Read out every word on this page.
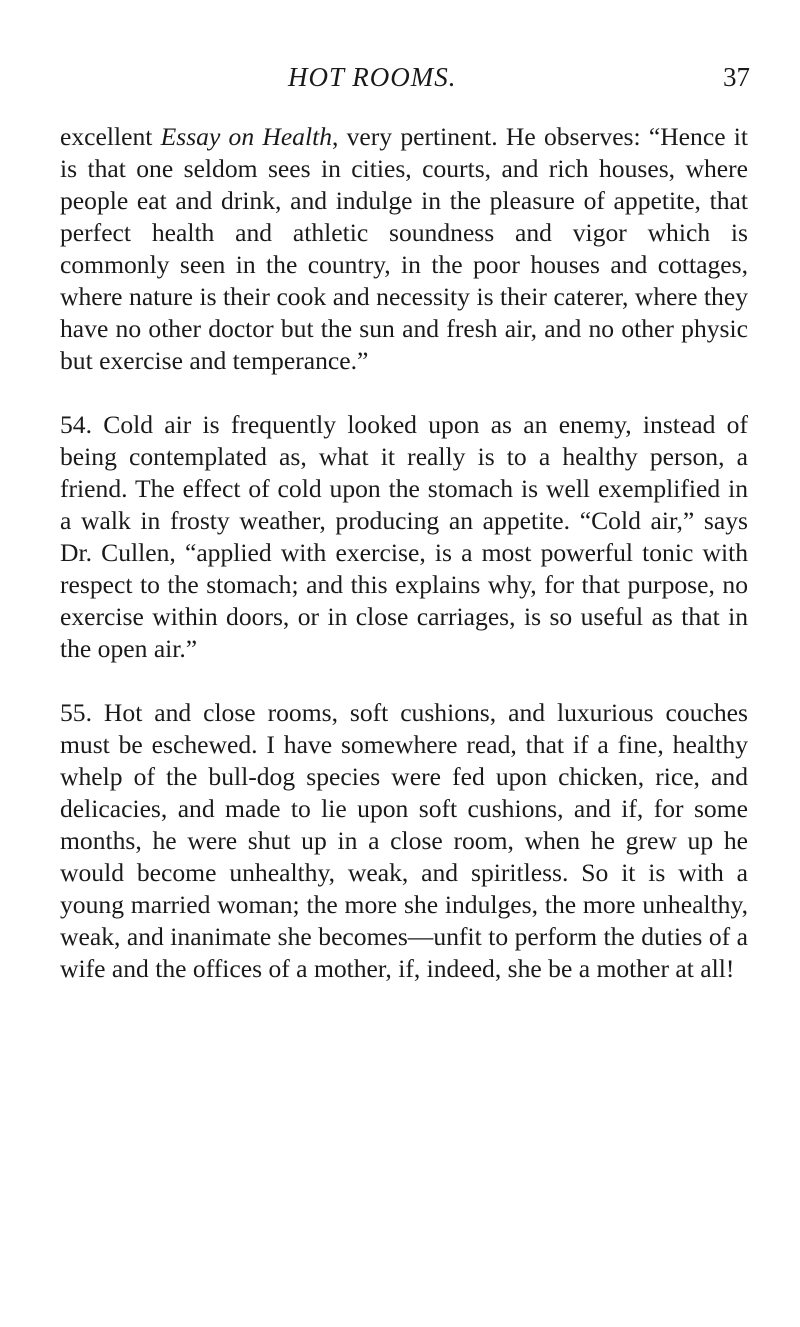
HOT ROOMS.	37

excellent Essay on Health, very pertinent. He observes: “Hence it is that one seldom sees in cities, courts, and rich houses, where people eat and drink, and indulge in the pleasure of appetite, that perfect health and athletic soundness and vigor which is commonly seen in the country, in the poor houses and cottages, where nature is their cook and necessity is their caterer, where they have no other doctor but the sun and fresh air, and no other physic but exercise and temperance.”

54. Cold air is frequently looked upon as an enemy, instead of being contemplated as, what it really is to a healthy person, a friend. The effect of cold upon the stomach is well exemplified in a walk in frosty weather, producing an appetite. “Cold air,” says Dr. Cullen, “applied with exercise, is a most powerful tonic with respect to the stomach; and this explains why, for that purpose, no exercise within doors, or in close carriages, is so useful as that in the open air.”

55. Hot and close rooms, soft cushions, and luxurious couches must be eschewed. I have somewhere read, that if a fine, healthy whelp of the bull-dog species were fed upon chicken, rice, and delicacies, and made to lie upon soft cushions, and if, for some months, he were shut up in a close room, when he grew up he would become unhealthy, weak, and spiritless. So it is with a young married woman; the more she indulges, the more unhealthy, weak, and inanimate she becomes—unfit to perform the duties of a wife and the offices of a mother, if, indeed, she be a mother at all!
